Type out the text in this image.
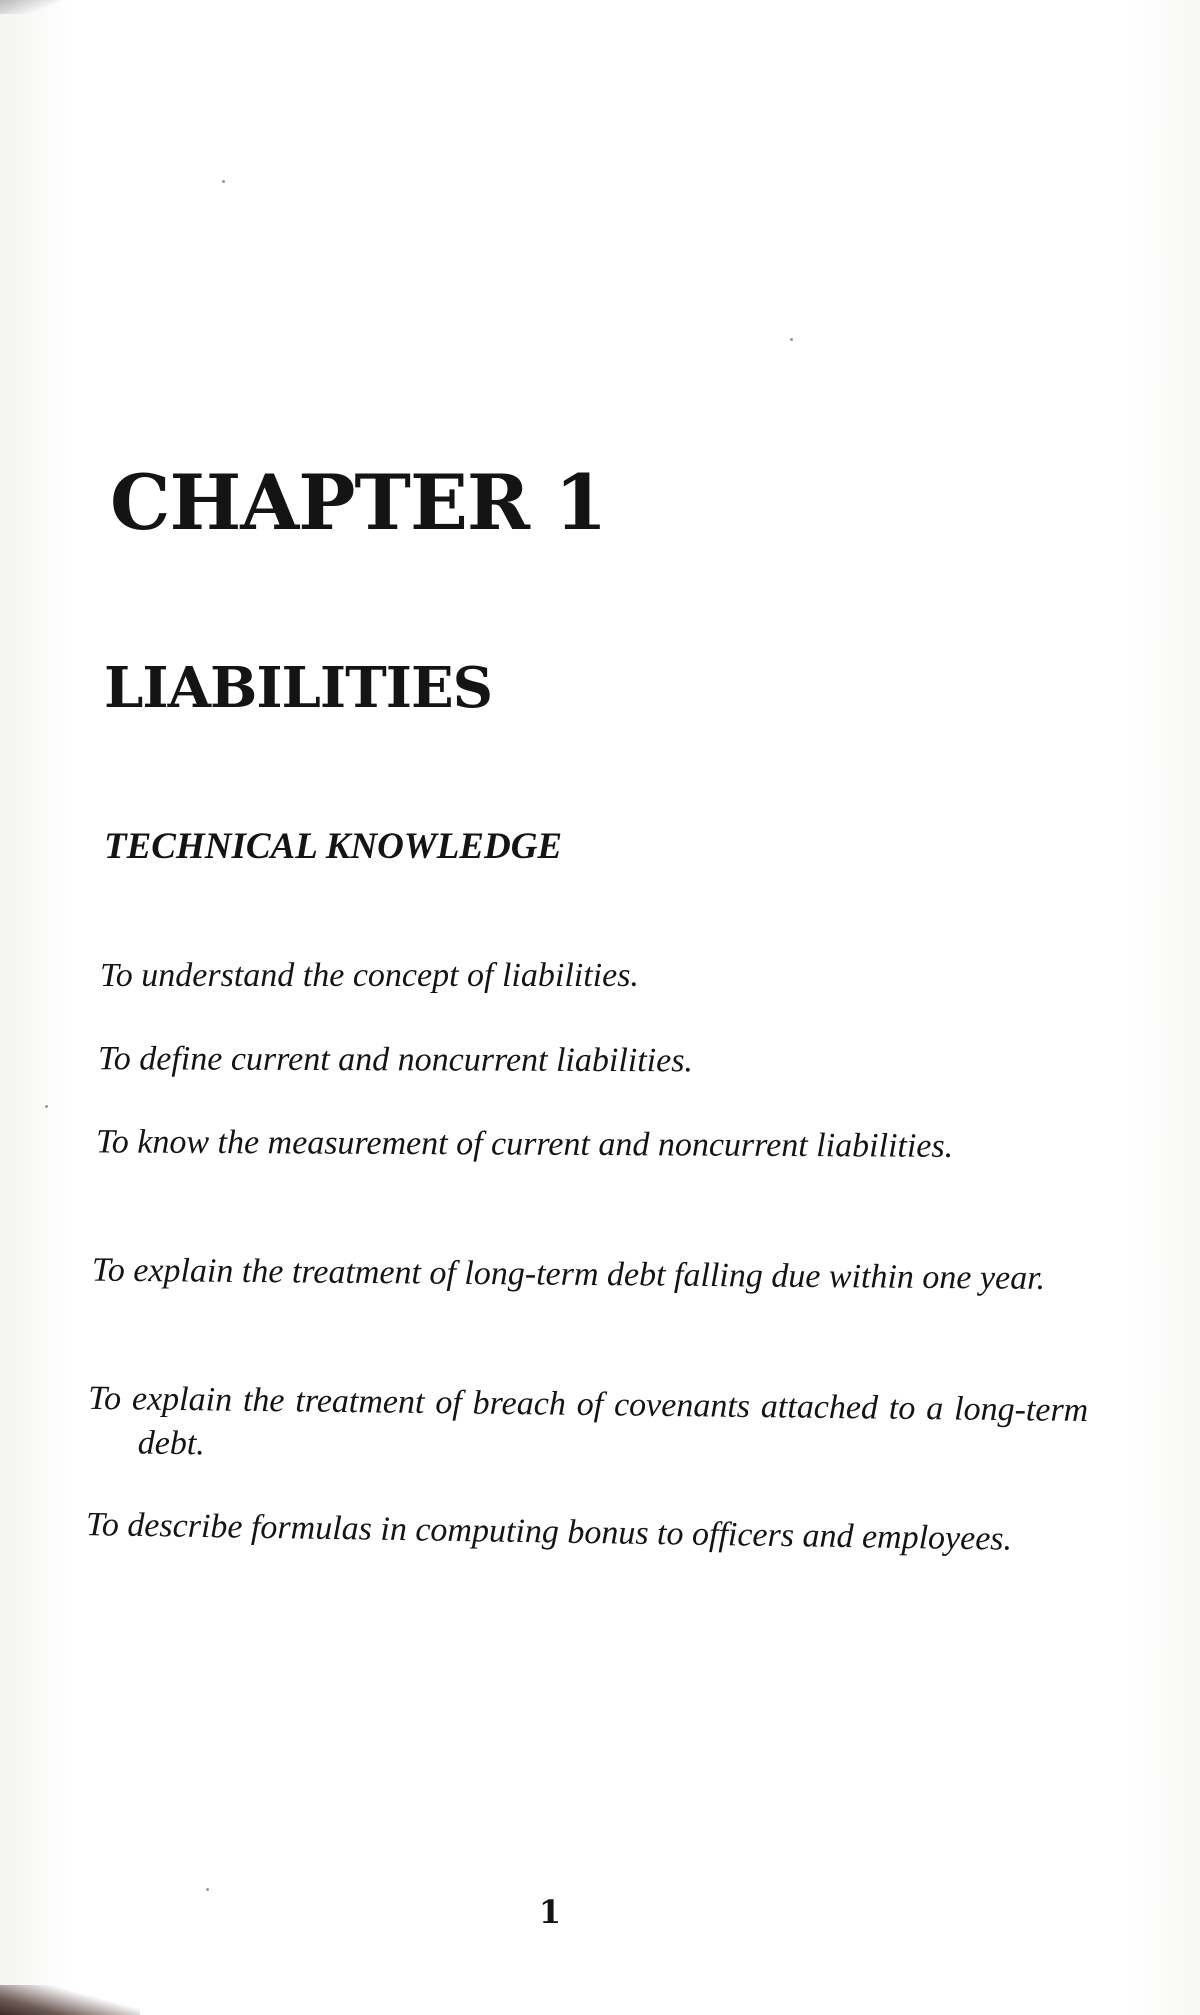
CHAPTER 1
LIABILITIES
TECHNICAL KNOWLEDGE
To understand the concept of liabilities.
To define current and noncurrent liabilities.
To know the measurement of current and noncurrent liabilities.
To explain the treatment of long-term debt falling due within one year.
To explain the treatment of breach of covenants attached to a long-term debt.
To describe formulas in computing bonus to officers and employees.

1
